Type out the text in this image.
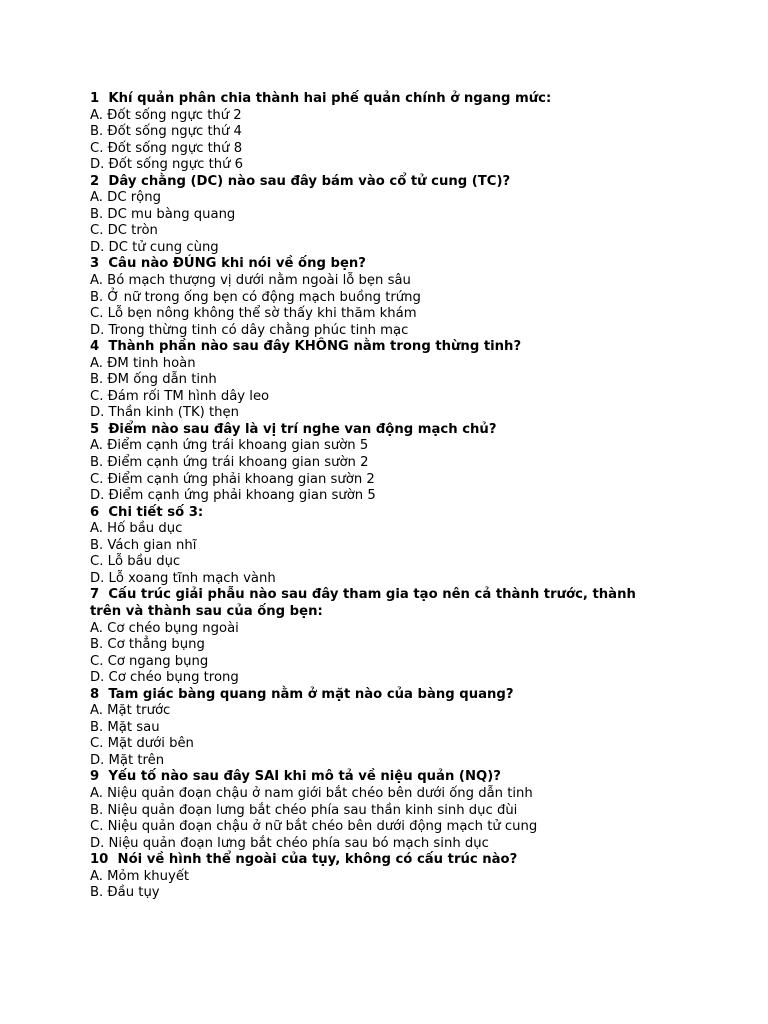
1 Khí quản phân chia thành hai phế quản chính ở ngang mức:
A. Đốt sống ngực thứ 2
B. Đốt sống ngực thứ 4
C. Đốt sống ngực thứ 8
D. Đốt sống ngực thứ 6
2 Dây chằng (DC) nào sau đây bám vào cổ tử cung (TC)?
A. DC rộng
B. DC mu bàng quang
C. DC tròn
D. DC tử cung cùng
3 Câu nào ĐÚNG khi nói về ống bẹn?
A. Bó mạch thượng vị dưới nằm ngoài lỗ bẹn sâu
B. Ở nữ trong ống bẹn có động mạch buồng trứng
C. Lỗ bẹn nông không thể sờ thấy khi thăm khám
D. Trong thừng tinh có dây chằng phúc tinh mạc
4 Thành phần nào sau đây KHÔNG nằm trong thừng tinh?
A. ĐM tinh hoàn
B. ĐM ống dẫn tinh
C. Đám rối TM hình dây leo
D. Thần kinh (TK) thẹn
5 Điểm nào sau đây là vị trí nghe van động mạch chủ?
A. Điểm cạnh ứng trái khoang gian sườn 5
B. Điểm cạnh ứng trái khoang gian sườn 2
C. Điểm cạnh ứng phải khoang gian sườn 2
D. Điểm cạnh ứng phải khoang gian sườn 5
6 Chi tiết số 3:
A. Hố bầu dục
B. Vách gian nhĩ
C. Lỗ bầu dục
D. Lỗ xoang tĩnh mạch vành
7 Cấu trúc giải phẫu nào sau đây tham gia tạo nên cả thành trước, thành
trên và thành sau của ống bẹn:
A. Cơ chéo bụng ngoài
B. Cơ thẳng bụng
C. Cơ ngang bụng
D. Cơ chéo bụng trong
8 Tam giác bàng quang nằm ở mặt nào của bàng quang?
A. Mặt trước
B. Mặt sau
C. Mặt dưới bên
D. Mặt trên
9 Yếu tố nào sau đây SAI khi mô tả về niệu quản (NQ)?
A. Niệu quản đoạn chậu ở nam giới bắt chéo bên dưới ống dẫn tinh
B. Niệu quản đoạn lưng bắt chéo phía sau thần kinh sinh dục đùi
C. Niệu quản đoạn chậu ở nữ bắt chéo bên dưới động mạch tử cung
D. Niệu quản đoạn lưng bắt chéo phía sau bó mạch sinh dục
10 Nói về hình thể ngoài của tụy, không có cấu trúc nào?
A. Mỏm khuyết
B. Đầu tụy
